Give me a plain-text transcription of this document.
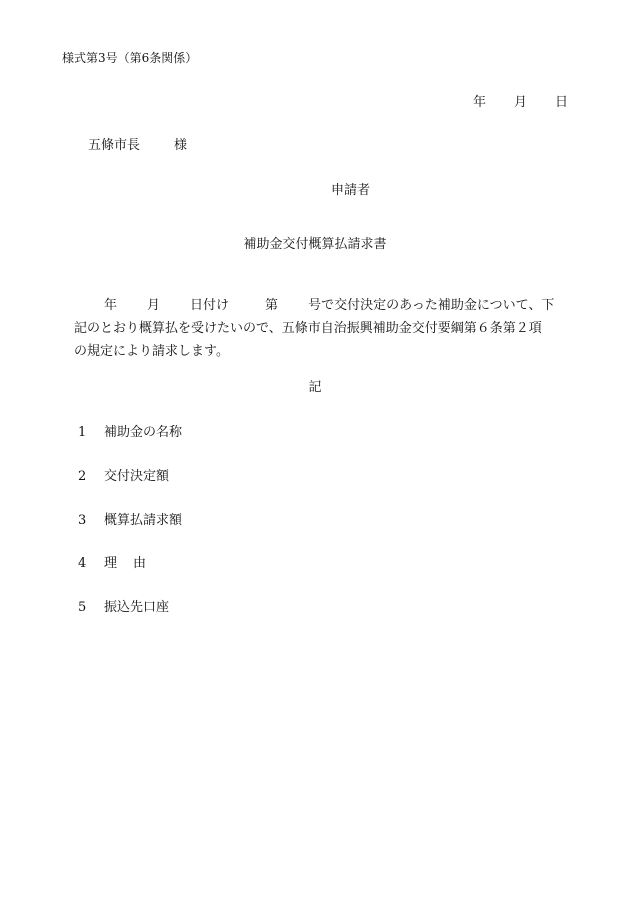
様式第3号（第6条関係）
年 月 日
五條市長	様
申請者
補助金交付概算払請求書
年 月 日付け	第 号で交付決定のあった補助金について、下
記のとおり概算払を受けたいので、五條市自治振興補助金交付要綱第６条第２項
の規定により請求します。
記
1 補助金の名称
2 交付決定額
3 概算払請求額
4 理 由
5 振込先口座
